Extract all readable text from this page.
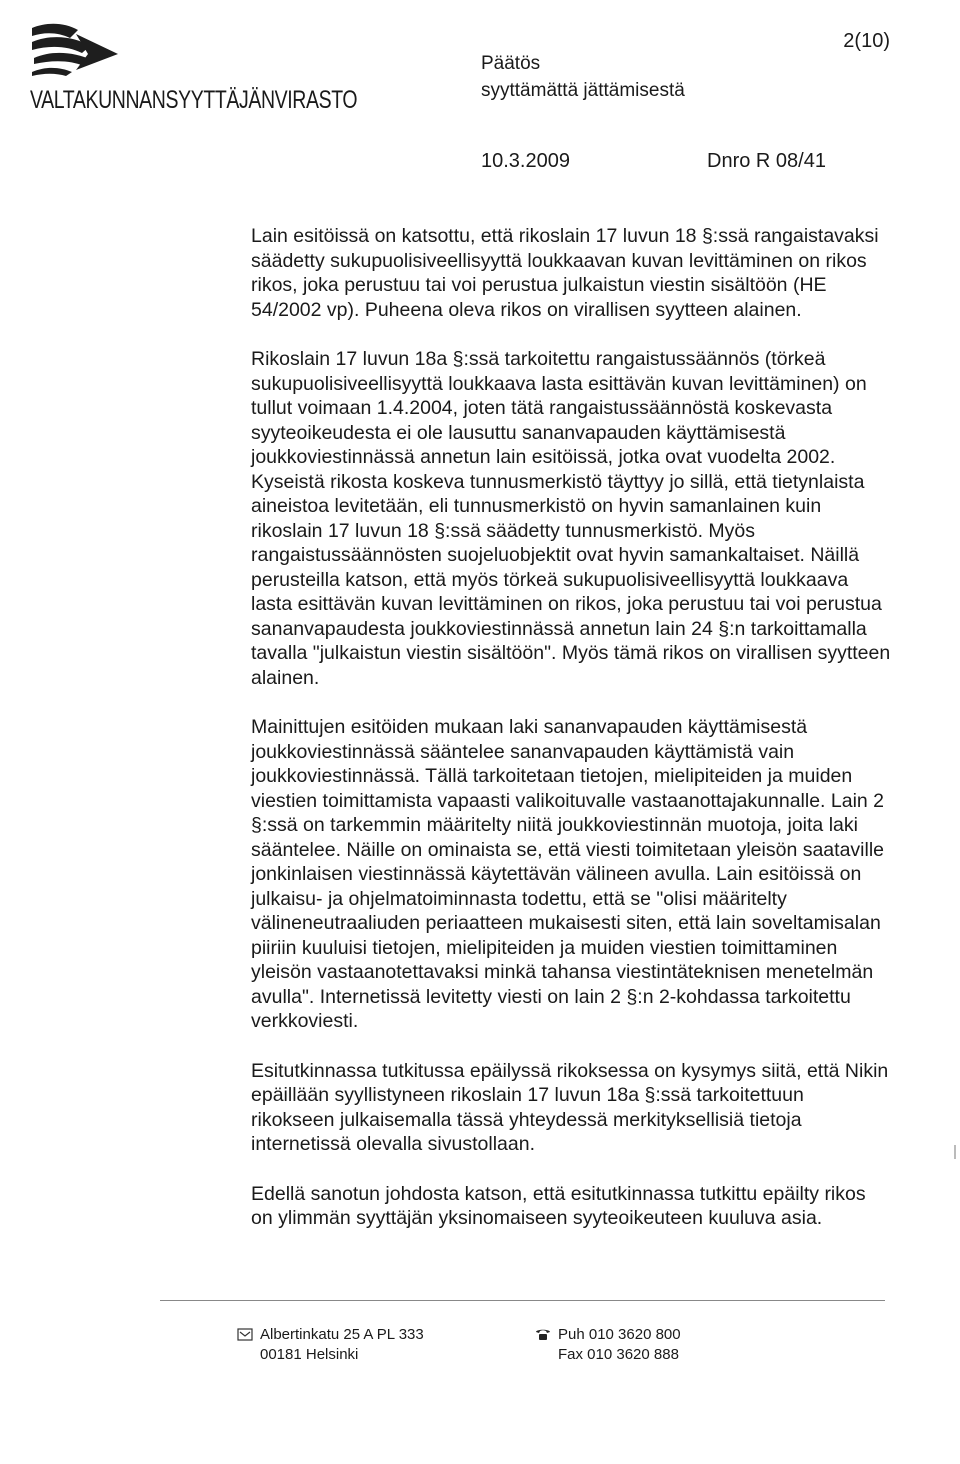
VALTAKUNNANSYYTTÄJÄNVIRASTO
Päätös
syyttämättä jättämisestä
2(10)
10.3.2009	Dnro R 08/41

Lain esitöissä on katsottu, että rikoslain 17 luvun 18 §:ssä rangaistavaksi säädetty sukupuolisiveellisyyttä loukkaavan kuvan levittäminen on rikos rikos, joka perustuu tai voi perustua julkaistun viestin sisältöön (HE 54/2002 vp). Puheena oleva rikos on virallisen syytteen alainen.

Rikoslain 17 luvun 18a §:ssä tarkoitettu rangaistussäännös (törkeä sukupuolisiveellisyyttä loukkaava lasta esittävän kuvan levittäminen) on tullut voimaan 1.4.2004, joten tätä rangaistussäännöstä koskevasta syyteoikeudesta ei ole lausuttu sananvapauden käyttämisestä joukkoviestinnässä annetun lain esitöissä, jotka ovat vuodelta 2002. Kyseistä rikosta koskeva tunnusmerkistö täyttyy jo sillä, että tietynlaista aineistoa levitetään, eli tunnusmerkistö on hyvin samanlainen kuin rikoslain 17 luvun 18 §:ssä säädetty tunnusmerkistö. Myös rangaistussäännösten suojeluobjektit ovat hyvin samankaltaiset. Näillä perusteilla katson, että myös törkeä sukupuolisiveellisyyttä loukkaava lasta esittävän kuvan levittäminen on rikos, joka perustuu tai voi perustua sananvapaudesta joukkoviestinnässä annetun lain 24 §:n tarkoittamalla tavalla "julkaistun viestin sisältöön". Myös tämä rikos on virallisen syytteen alainen.

Mainittujen esitöiden mukaan laki sananvapauden käyttämisestä joukkoviestinnässä sääntelee sananvapauden käyttämistä vain joukkoviestinnässä. Tällä tarkoitetaan tietojen, mielipiteiden ja muiden viestien toimittamista vapaasti valikoituvalle vastaanottajakunnalle. Lain 2 §:ssä on tarkemmin määritelty niitä joukkoviestinnän muotoja, joita laki sääntelee. Näille on ominaista se, että viesti toimitetaan yleisön saataville jonkinlaisen viestinnässä käytettävän välineen avulla. Lain esitöissä on julkaisu- ja ohjelmatoiminnasta todettu, että se "olisi määritelty välineneutraaliuden periaatteen mukaisesti siten, että lain soveltamisalan piiriin kuuluisi tietojen, mielipiteiden ja muiden viestien toimittaminen yleisön vastaanotettavaksi minkä tahansa viestintäteknisen menetelmän avulla". Internetissä levitetty viesti on lain 2 §:n 2-kohdassa tarkoitettu verkkoviesti.

Esitutkinnassa tutkitussa epäilyssä rikoksessa on kysymys siitä, että Nikin epäillään syyllistyneen rikoslain 17 luvun 18a §:ssä tarkoitettuun rikokseen julkaisemalla tässä yhteydessä merkityksellisiä tietoja internetissä olevalla sivustollaan.

Edellä sanotun johdosta katson, että esitutkinnassa tutkittu epäilty rikos on ylimmän syyttäjän yksinomaiseen syyteoikeuteen kuuluva asia.

Albertinkatu 25 A PL 333
00181 Helsinki
Puh 010 3620 800
Fax 010 3620 888
